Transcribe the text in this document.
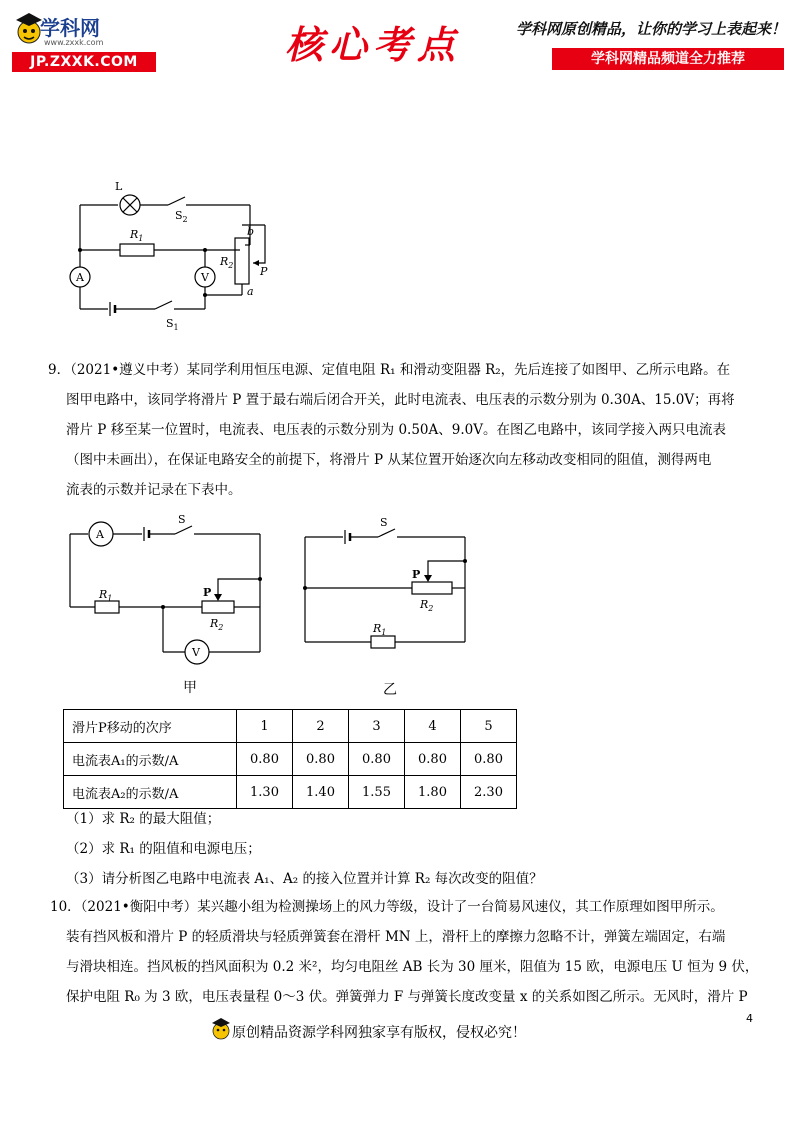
学科网
www.zxxk.com
JP.ZXXK.COM	核心考点	学科网原创精品，让你的学习上表起来！
学科网精品频道全力推荐
A	V
L
$S_2$
$R_1$
$R_2$
b
a
P
$S_1$
9．（2021•遵义中考）某同学利用恒压电源、定值电阻 R₁ 和滑动变阻器 R₂，先后连接了如图甲、乙所示电路。在
图甲电路中，该同学将滑片 P 置于最右端后闭合开关，此时电流表、电压表的示数分别为 0.30A、15.0V；再将
滑片 P 移至某一位置时，电流表、电压表的示数分别为 0.50A、9.0V。在图乙电路中，该同学接入两只电流表
（图中未画出），在保证电路安全的前提下，将滑片 P 从某位置开始逐次向左移动改变相同的阻值，测得两电
流表的示数并记录在下表中。
A
S
$R_1$	P
$R_2$
V
甲
S
P
$R_2$
$R_1$
乙
滑片P移动的次序	1	2	3	4	5
电流表A₁的示数/A	0.80	0.80	0.80	0.80	0.80
电流表A₂的示数/A	1.30	1.40	1.55	1.80	2.30
（1）求 R₂ 的最大阻值；
（2）求 R₁ 的阻值和电源电压；
（3）请分析图乙电路中电流表 A₁、A₂ 的接入位置并计算 R₂ 每次改变的阻值？
10．（2021•衡阳中考）某兴趣小组为检测操场上的风力等级，设计了一台简易风速仪，其工作原理如图甲所示。
装有挡风板和滑片 P 的轻质滑块与轻质弹簧套在滑杆 MN 上，滑杆上的摩擦力忽略不计，弹簧左端固定，右端
与滑块相连。挡风板的挡风面积为 0.2 米²，均匀电阻丝 AB 长为 30 厘米，阻值为 15 欧，电源电压 U 恒为 9 伏，
保护电阻 R₀ 为 3 欧，电压表量程 0～3 伏。弹簧弹力 F 与弹簧长度改变量 x 的关系如图乙所示。无风时，滑片 P
4
原创精品资源学科网独家享有版权，侵权必究！
